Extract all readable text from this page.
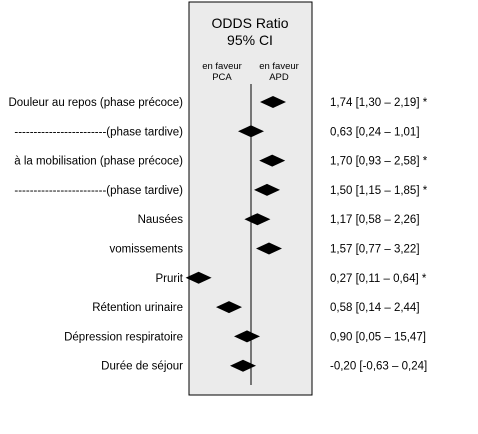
ODDS Ratio
95% CI
en faveur
PCA
en faveur
APD
Douleur au repos (phase précoce)	1,74 [1,30 – 2,19] *
------------------------(phase tardive)	0,63 [0,24 – 1,01]
à la mobilisation (phase précoce)	1,70 [0,93 – 2,58] *
------------------------(phase tardive)	1,50 [1,15 – 1,85] *
Nausées	1,17 [0,58 – 2,26]
vomissements	1,57 [0,77 – 3,22]
Prurit	0,27 [0,11 – 0,64] *
Rétention urinaire	0,58 [0,14 – 2,44]
Dépression respiratoire	0,90 [0,05 – 15,47]
Durée de séjour	-0,20 [-0,63 – 0,24]
